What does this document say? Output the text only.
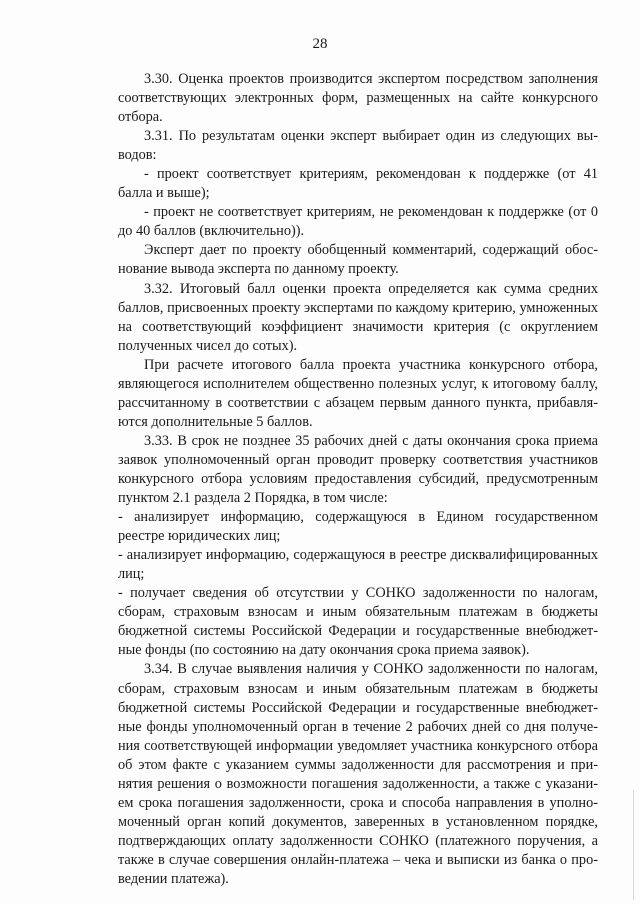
28

3.30. Оценка проектов производится экспертом посредством заполнения соответствующих электронных форм, размещенных на сайте конкурсного отбора.

3.31. По результатам оценки эксперт выбирает один из следующих выводов:

- проект соответствует критериям, рекомендован к поддержке (от 41 балла и выше);

- проект не соответствует критериям, не рекомендован к поддержке (от 0 до 40 баллов (включительно)).

Эксперт дает по проекту обобщенный комментарий, содержащий обоснование вывода эксперта по данному проекту.

3.32. Итоговый балл оценки проекта определяется как сумма средних баллов, присвоенных проекту экспертами по каждому критерию, умноженных на соответствующий коэффициент значимости критерия (с округлением полученных чисел до сотых).

При расчете итогового балла проекта участника конкурсного отбора, являющегося исполнителем общественно полезных услуг, к итоговому баллу, рассчитанному в соответствии с абзацем первым данного пункта, прибавляются дополнительные 5 баллов.

3.33. В срок не позднее 35 рабочих дней с даты окончания срока приема заявок уполномоченный орган проводит проверку соответствия участников конкурсного отбора условиям предоставления субсидий, предусмотренным пунктом 2.1 раздела 2 Порядка, в том числе:

- анализирует информацию, содержащуюся в Едином государственном реестре юридических лиц;

- анализирует информацию, содержащуюся в реестре дисквалифицированных лиц;

- получает сведения об отсутствии у СОНКО задолженности по налогам, сборам, страховым взносам и иным обязательным платежам в бюджеты бюджетной системы Российской Федерации и государственные внебюджетные фонды (по состоянию на дату окончания срока приема заявок).

3.34. В случае выявления наличия у СОНКО задолженности по налогам, сборам, страховым взносам и иным обязательным платежам в бюджеты бюджетной системы Российской Федерации и государственные внебюджетные фонды уполномоченный орган в течение 2 рабочих дней со дня получения соответствующей информации уведомляет участника конкурсного отбора об этом факте с указанием суммы задолженности для рассмотрения и принятия решения о возможности погашения задолженности, а также с указанием срока погашения задолженности, срока и способа направления в уполномоченный орган копий документов, заверенных в установленном порядке, подтверждающих оплату задолженности СОНКО (платежного поручения, а также в случае совершения онлайн-платежа – чека и выписки из банка о проведении платежа).
